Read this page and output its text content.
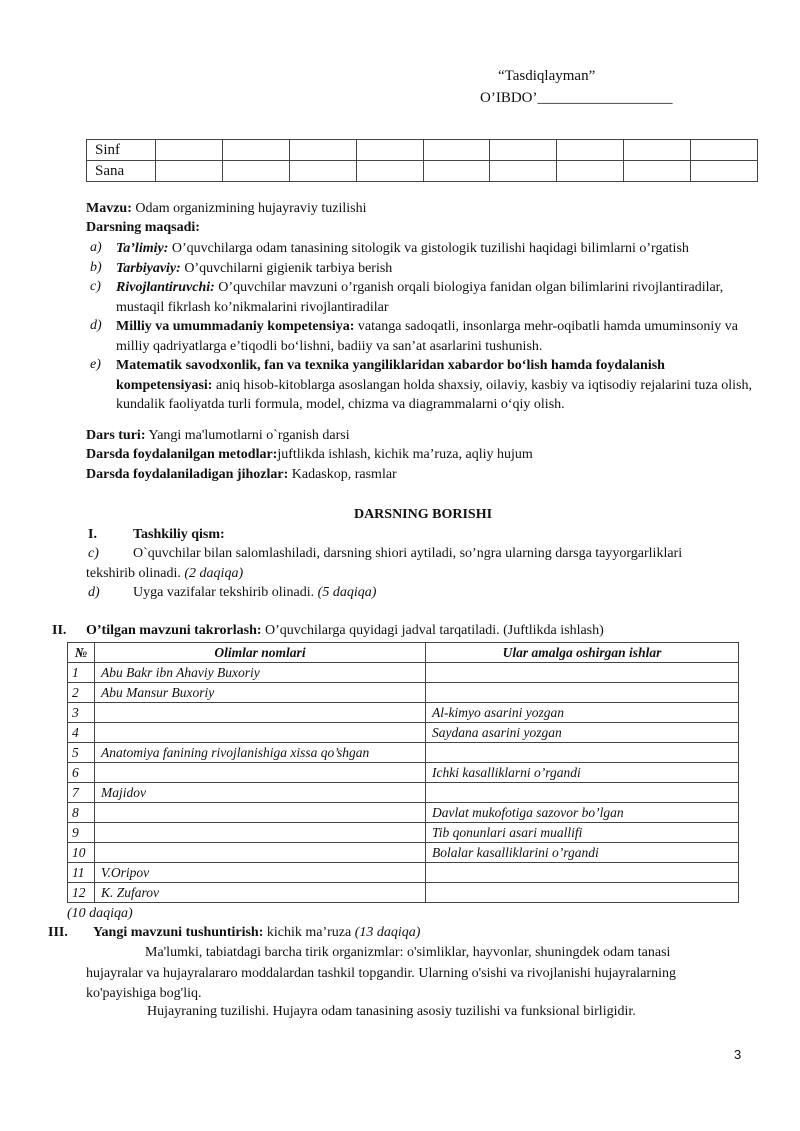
“Tasdiqlayman”
O’IBDO’__________________
Sinf									
Sana									
Mavzu: Odam organizmining hujayraviy tuzilishi
Darsning maqsadi:
a) Ta’limiy: O’quvchilarga odam tanasining sitologik va gistologik tuzilishi haqidagi bilimlarni o’rgatish
b) Tarbiyaviy: O’quvchilarni gigienik tarbiya berish
c) Rivojlantiruvchi: O’quvchilar mavzuni o’rganish orqali biologiya fanidan olgan bilimlarini rivojlantiradilar, mustaqil fikrlash ko’nikmalarini rivojlantiradilar
d) Milliy va umummadaniy kompetensiya: vatanga sadoqatli, insonlarga mehr-oqibatli hamda umuminsoniy va milliy qadriyatlarga e’tiqodli bo‘lishni, badiiy va san’at asarlarini tushunish.
e) Matematik savodxonlik, fan va texnika yangiliklaridan xabardor bo‘lish hamda foydalanish kompetensiyasi: aniq hisob-kitoblarga asoslangan holda shaxsiy, oilaviy, kasbiy va iqtisodiy rejalarini tuza olish, kundalik faoliyatda turli formula, model, chizma va diagrammalarni o‘qiy olish.
Dars turi: Yangi ma'lumotlarni o`rganish darsi
Darsda foydalanilgan metodlar:juftlikda ishlash, kichik ma’ruza, aqliy hujum
Darsda foydalaniladigan jihozlar: Kadaskop, rasmlar
DARSNING BORISHI
I.	Tashkiliy qism:
c) O`quvchilar bilan salomlashiladi, darsning shiori aytiladi, so’ngra ularning darsga tayyorgarliklari
tekshirib olinadi. (2 daqiqa)
d) Uyga vazifalar tekshirib olinadi. (5 daqiqa)
II. O’tilgan mavzuni takrorlash: O’quvchilarga quyidagi jadval tarqatiladi. (Juftlikda ishlash)
№	Olimlar nomlari	Ular amalga oshirgan ishlar
1	Abu Bakr ibn Ahaviy Buxoriy	
2	Abu Mansur Buxoriy	
3		Al-kimyo asarini yozgan
4		Saydana asarini yozgan
5	Anatomiya fanining rivojlanishiga xissa qo’shgan	
6		Ichki kasalliklarni o’rgandi
7	Majidov	
8		Davlat mukofotiga sazovor bo’lgan
9		Tib qonunlari asari muallifi
10		Bolalar kasalliklarini o’rgandi
11	V.Oripov	
12	K. Zufarov	
(10 daqiqa)
III. Yangi mavzuni tushuntirish: kichik ma’ruza (13 daqiqa)
Ma'lumki, tabiatdagi barcha tirik organizmlar: o'simliklar, hayvonlar, shuningdek odam tanasi
hujayralar va hujayralararo moddalardan tashkil topgandir. Ularning o'sishi va rivojlanishi hujayralarning ko'payishiga bog'liq.
Hujayraning tuzilishi. Hujayra odam tanasining asosiy tuzilishi va funksional birligidir.
3
